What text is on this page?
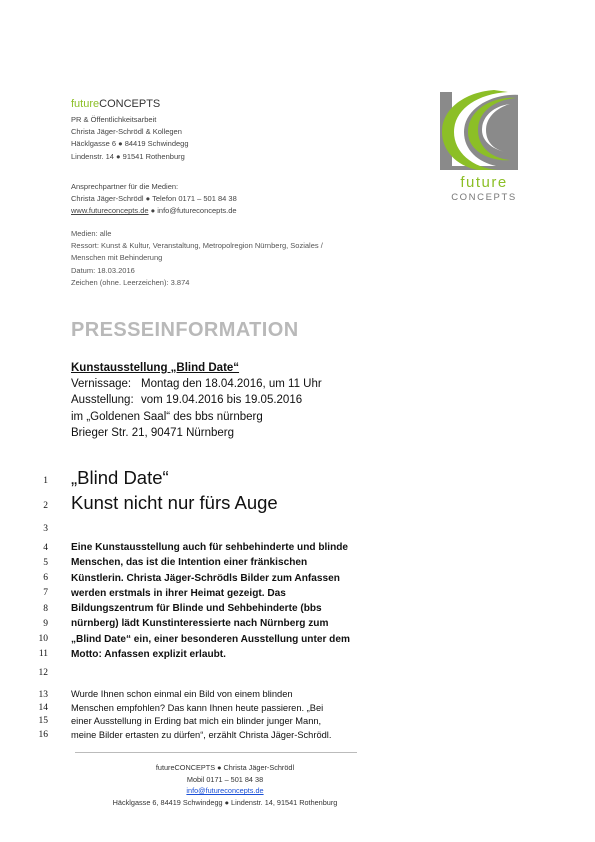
futureCONCEPTS
PR & Öffentlichkeitsarbeit
Christa Jäger-Schrödl & Kollegen
Häcklgasse 6 ● 84419 Schwindegg
Lindenstr. 14 ● 91541 Rothenburg
Ansprechpartner für die Medien:
Christa Jäger-Schrödl ● Telefon 0171 – 501 84 38
www.futureconcepts.de ● info@futureconcepts.de
Medien: alle
Ressort: Kunst & Kultur, Veranstaltung, Metropolregion Nürnberg, Soziales /
Menschen mit Behinderung
Datum: 18.03.2016
Zeichen (ohne. Leerzeichen): 3.874
future
CONCEPTS
PRESSEINFORMATION
Kunstausstellung „Blind Date“
Vernissage: Montag den 18.04.2016, um 11 Uhr
Ausstellung: vom 19.04.2016 bis 19.05.2016
im „Goldenen Saal“ des bbs nürnberg
Brieger Str. 21, 90471 Nürnberg
1
2
3
4
5
6
7
8
9
10
11
12
13
14
15
16
„Blind Date“
Kunst nicht nur fürs Auge
Eine Kunstausstellung auch für sehbehinderte und blinde
Menschen, das ist die Intention einer fränkischen
Künstlerin. Christa Jäger-Schrödls Bilder zum Anfassen
werden erstmals in ihrer Heimat gezeigt. Das
Bildungszentrum für Blinde und Sehbehinderte (bbs
nürnberg) lädt Kunstinteressierte nach Nürnberg zum
„Blind Date“ ein, einer besonderen Ausstellung unter dem
Motto: Anfassen explizit erlaubt.
Wurde Ihnen schon einmal ein Bild von einem blinden
Menschen empfohlen? Das kann Ihnen heute passieren. „Bei
einer Ausstellung in Erding bat mich ein blinder junger Mann,
meine Bilder ertasten zu dürfen“, erzählt Christa Jäger-Schrödl.
futureCONCEPTS ● Christa Jäger-Schrödl
Mobil 0171 – 501 84 38
info@futureconcepts.de
Häcklgasse 6, 84419 Schwindegg ● Lindenstr. 14, 91541 Rothenburg
